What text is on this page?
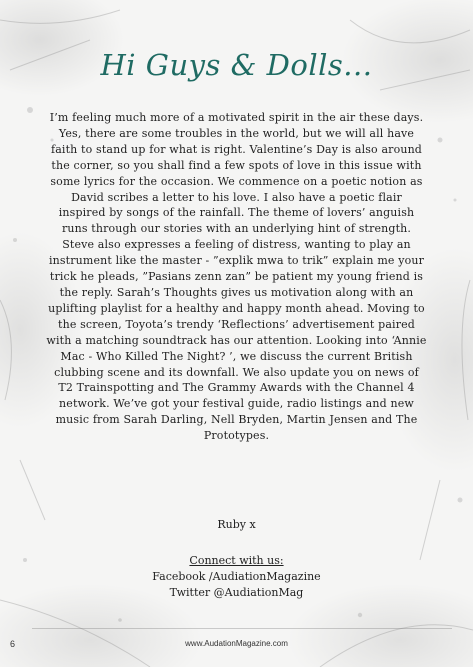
Hi Guys & Dolls...
I’m feeling much more of a motivated spirit in the air these days. Yes, there are some troubles in the world, but we will all have faith to stand up for what is right. Valentine’s Day is also around the corner, so you shall find a few spots of love in this issue with some lyrics for the occasion. We commence on a poetic notion as David scribes a letter to his love. I also have a poetic flair inspired by songs of the rainfall. The theme of lovers’ anguish runs through our stories with an underlying hint of strength. Steve also expresses a feeling of distress, wanting to play an instrument like the master - ”explik mwa to trik” explain me your trick he pleads, ”Pasians zenn zan” be patient my young friend is the reply. Sarah’s Thoughts gives us motivation along with an uplifting playlist for a healthy and happy month ahead. Moving to the screen, Toyota’s trendy ‘Reflections’ advertisement paired with a matching soundtrack has our attention. Looking into ‘Annie Mac - Who Killed The Night? ’, we discuss the current British clubbing scene and its downfall. We also update you on news of T2 Trainspotting and The Grammy Awards with the Channel 4 network. We’ve got your festival guide, radio listings and new music from Sarah Darling, Nell Bryden, Martin Jensen and The Prototypes.
Ruby x
Connect with us:
Facebook /AudiationMagazine
Twitter @AudiationMag
6	www.AudationMagazine.com
